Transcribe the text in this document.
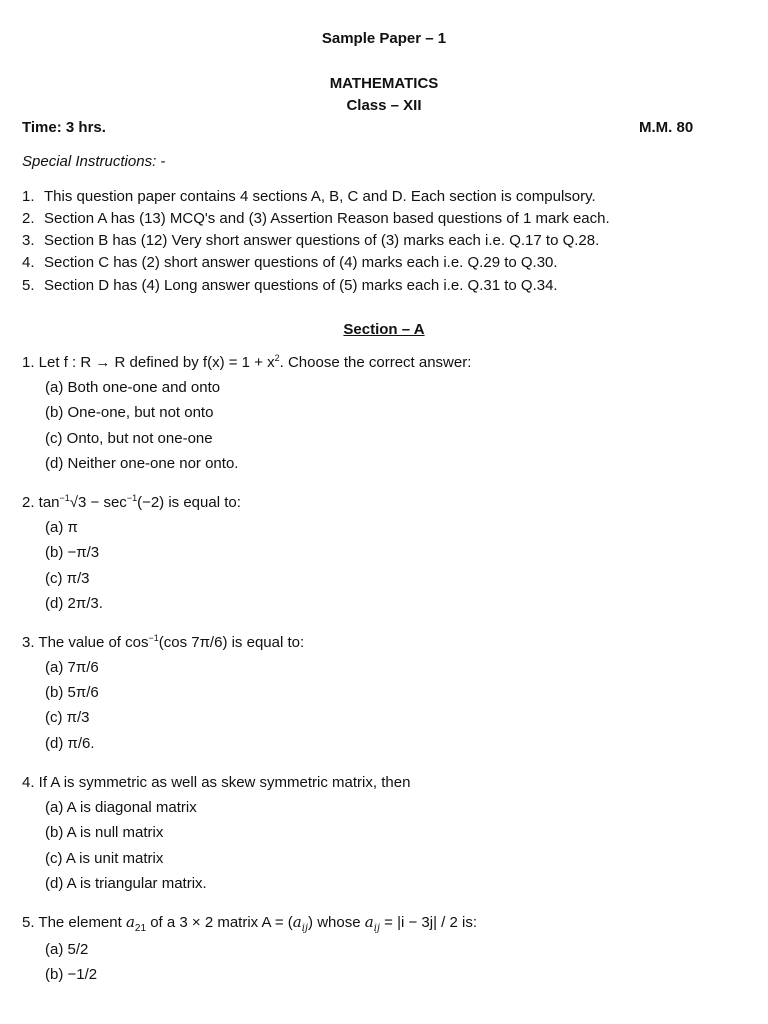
Sample Paper – 1
MATHEMATICS
Class – XII
Time: 3 hrs.	M.M. 80
Special Instructions: -
1. This question paper contains 4 sections A, B, C and D. Each section is compulsory.
2. Section A has (13) MCQ's and (3) Assertion Reason based questions of 1 mark each.
3. Section B has (12) Very short answer questions of (3) marks each i.e. Q.17 to Q.28.
4. Section C has (2) short answer questions of (4) marks each i.e. Q.29 to Q.30.
5. Section D has (4) Long answer questions of (5) marks each i.e. Q.31 to Q.34.
Section – A
1. Let f : R → R defined by $f(x) = 1 + x^2$. Choose the correct answer:
(a) Both one-one and onto
(b) One-one, but not onto
(c) Onto, but not one-one
(d) Neither one-one nor onto.
2. $\tan^{-1}√3 - \sec^{-1}(-2)$ is equal to:
(a) π
(b) −π/3
(c) π/3
(d) 2π/3.
3. The value of $\cos^{-1}(\cos$ 7π/6) is equal to:
(a) 7π/6
(b) 5π/6
(c) π/3
(d) π/6.
4. If A is symmetric as well as skew symmetric matrix, then
(a) A is diagonal matrix
(b) A is null matrix
(c) A is unit matrix
(d) A is triangular matrix.
5. The element $a_{21}$ of a 3 × 2 matrix $A = (a_{ij})$ whose $a_{ij} = |i - 3j| / 2$ is:
(a) 5/2
(b) −1/2
